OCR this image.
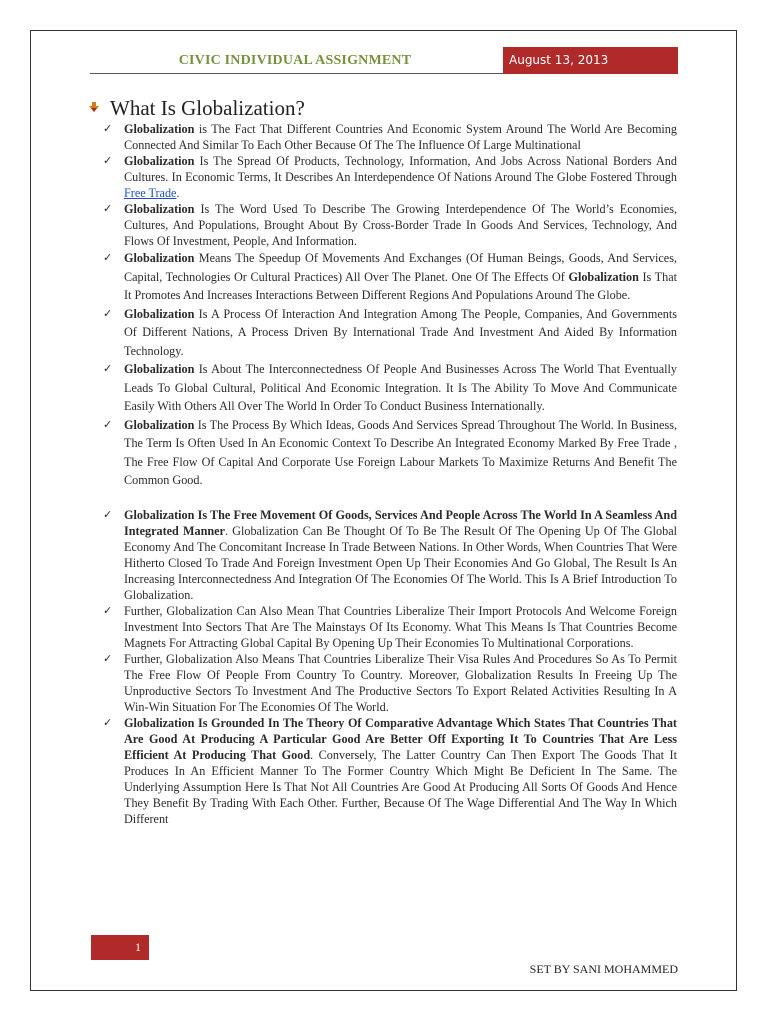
CIVIC INDIVIDUAL ASSIGNMENT	August 13, 2013
What Is Globalization?
✓ Globalization is The Fact That Different Countries And Economic System Around The World Are Becoming Connected And Similar To Each Other Because Of The The Influence Of Large Multinational
✓ Globalization Is The Spread Of Products, Technology, Information, And Jobs Across National Borders And Cultures. In Economic Terms, It Describes An Interdependence Of Nations Around The Globe Fostered Through Free Trade.
✓ Globalization Is The Word Used To Describe The Growing Interdependence Of The World’s Economies, Cultures, And Populations, Brought About By Cross-Border Trade In Goods And Services, Technology, And Flows Of Investment, People, And Information.
✓ Globalization Means The Speedup Of Movements And Exchanges (Of Human Beings, Goods, And Services, Capital, Technologies Or Cultural Practices) All Over The Planet. One Of The Effects Of Globalization Is That It Promotes And Increases Interactions Between Different Regions And Populations Around The Globe.
✓ Globalization Is A Process Of Interaction And Integration Among The People, Companies, And Governments Of Different Nations, A Process Driven By International Trade And Investment And Aided By Information Technology.
✓ Globalization Is About The Interconnectedness Of People And Businesses Across The World That Eventually Leads To Global Cultural, Political And Economic Integration. It Is The Ability To Move And Communicate Easily With Others All Over The World In Order To Conduct Business Internationally.
✓ Globalization Is The Process By Which Ideas, Goods And Services Spread Throughout The World. In Business, The Term Is Often Used In An Economic Context To Describe An Integrated Economy Marked By Free Trade , The Free Flow Of Capital And Corporate Use Foreign Labour Markets To Maximize Returns And Benefit The Common Good.
✓ Globalization Is The Free Movement Of Goods, Services And People Across The World In A Seamless And Integrated Manner. Globalization Can Be Thought Of To Be The Result Of The Opening Up Of The Global Economy And The Concomitant Increase In Trade Between Nations. In Other Words, When Countries That Were Hitherto Closed To Trade And Foreign Investment Open Up Their Economies And Go Global, The Result Is An Increasing Interconnectedness And Integration Of The Economies Of The World. This Is A Brief Introduction To Globalization.
✓ Further, Globalization Can Also Mean That Countries Liberalize Their Import Protocols And Welcome Foreign Investment Into Sectors That Are The Mainstays Of Its Economy. What This Means Is That Countries Become Magnets For Attracting Global Capital By Opening Up Their Economies To Multinational Corporations.
✓ Further, Globalization Also Means That Countries Liberalize Their Visa Rules And Procedures So As To Permit The Free Flow Of People From Country To Country. Moreover, Globalization Results In Freeing Up The Unproductive Sectors To Investment And The Productive Sectors To Export Related Activities Resulting In A Win-Win Situation For The Economies Of The World.
✓ Globalization Is Grounded In The Theory Of Comparative Advantage Which States That Countries That Are Good At Producing A Particular Good Are Better Off Exporting It To Countries That Are Less Efficient At Producing That Good. Conversely, The Latter Country Can Then Export The Goods That It Produces In An Efficient Manner To The Former Country Which Might Be Deficient In The Same. The Underlying Assumption Here Is That Not All Countries Are Good At Producing All Sorts Of Goods And Hence They Benefit By Trading With Each Other. Further, Because Of The Wage Differential And The Way In Which Different
1
SET BY SANI MOHAMMED
